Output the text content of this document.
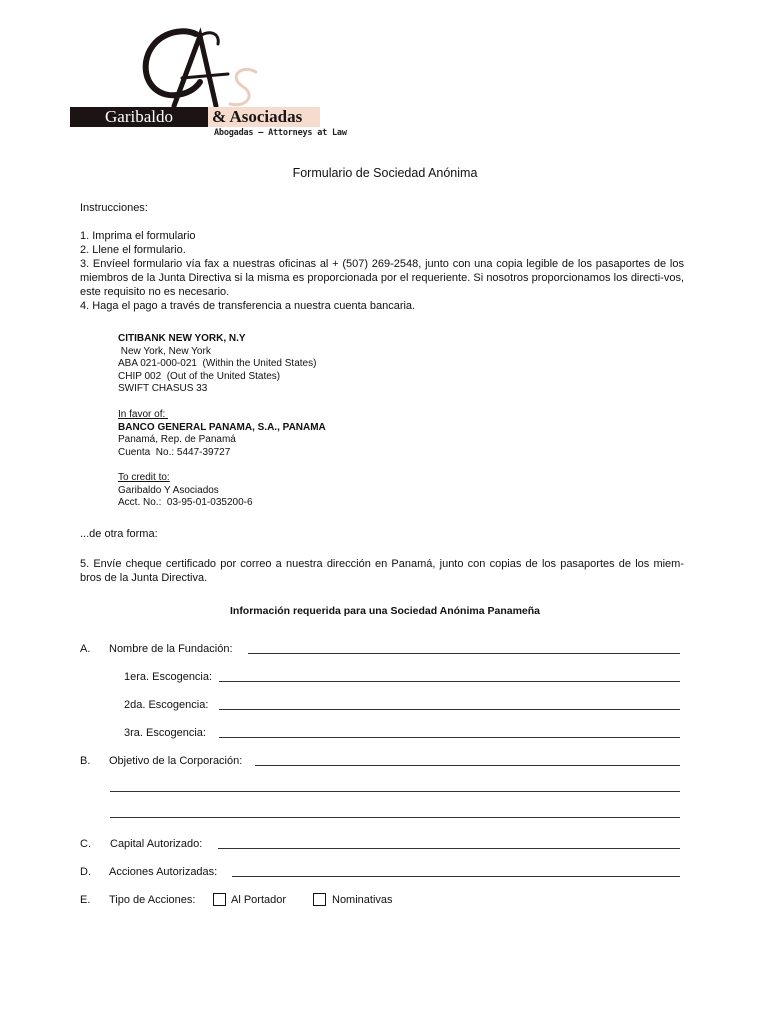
Garibaldo	& Asociadas
Abogadas – Attorneys at Law
Formulario de Sociedad Anónima
Instrucciones:
1. Imprima el formulario
2. Llene el formulario.
3. Envíeel formulario vía fax a nuestras oficinas al + (507) 269-2548, junto con una copia legible de los pasaportes de los miembros de la Junta Directiva si la misma es proporcionada por el requeriente. Si nosotros proporcionamos los directi-vos, este requisito no es necesario.
4. Haga el pago a través de transferencia a nuestra cuenta bancaria.
CITIBANK NEW YORK, N.Y
New York, New York
ABA 021-000-021  (Within the United States)
CHIP 002  (Out of the United States)
SWIFT CHASUS 33
In favor of:
BANCO GENERAL PANAMA, S.A., PANAMA
Panamá, Rep. de Panamá
Cuenta  No.: 5447-39727
To credit to:
Garibaldo Y Asociados
Acct. No.:  03-95-01-035200-6
...de otra forma:
5. Envíe cheque certificado por correo a nuestra dirección en Panamá, junto con copias de los pasaportes de los miem-bros de la Junta Directiva.
Información requerida para una Sociedad Anónima Panameña
A. Nombre de la Fundación:
1era. Escogencia:
2da. Escogencia:
3ra. Escogencia:
B. Objetivo de la Corporación:
C. Capital Autorizado:
D. Acciones Autorizadas:
E. Tipo de Acciones:	Al Portador	Nominativas
